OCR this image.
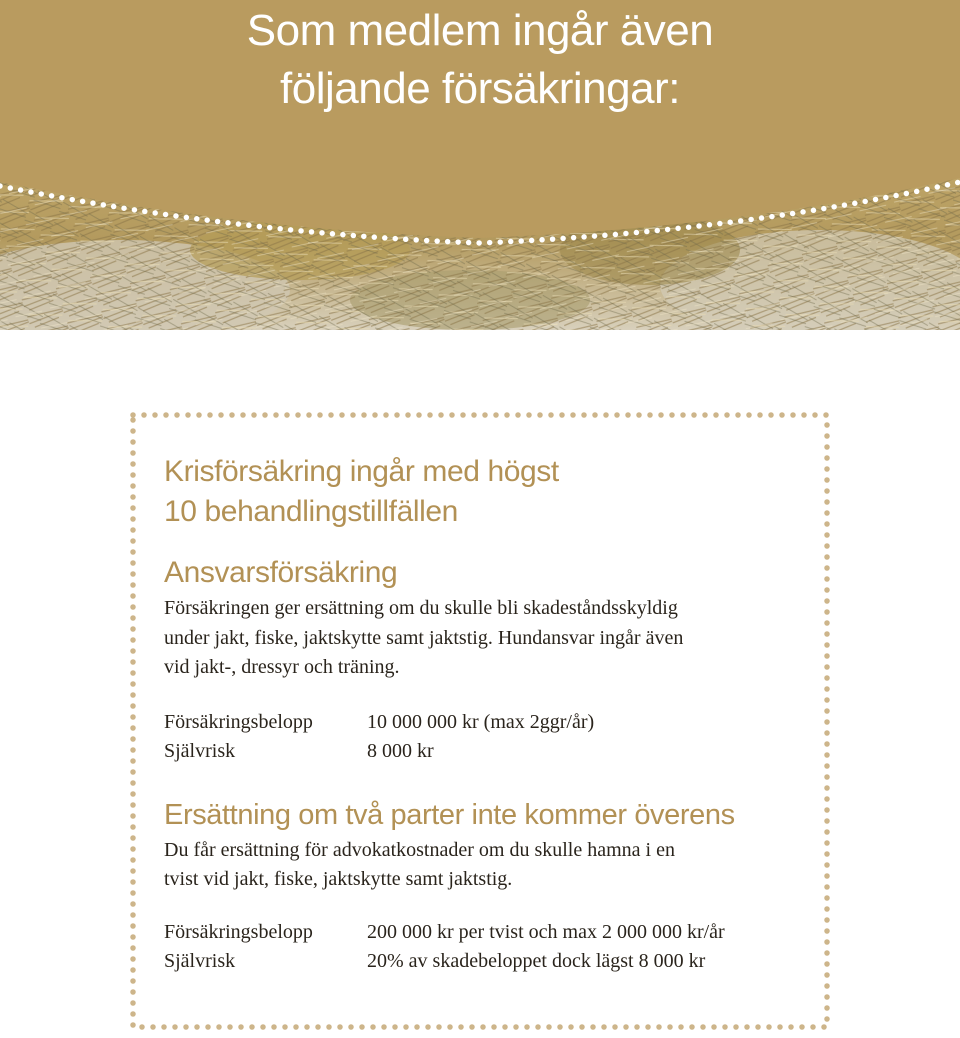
Som medlem ingår även
följande försäkringar:

Krisförsäkring ingår med högst
10 behandlingstillfällen

Ansvarsförsäkring

Försäkringen ger ersättning om du skulle bli skadeståndsskyldig

under jakt, fiske, jaktskytte samt jaktstig. Hundansvar ingår även

vid jakt-, dressyr och träning.

Försäkringsbelopp	10 000 000 kr (max 2ggr/år)
Självrisk	8 000 kr

Ersättning om två parter inte kommer överens

Du får ersättning för advokatkostnader om du skulle hamna i en

tvist vid jakt, fiske, jaktskytte samt jaktstig.

Försäkringsbelopp	200 000 kr per tvist och max 2 000 000 kr/år
Självrisk	20% av skadebeloppet dock lägst 8 000 kr
